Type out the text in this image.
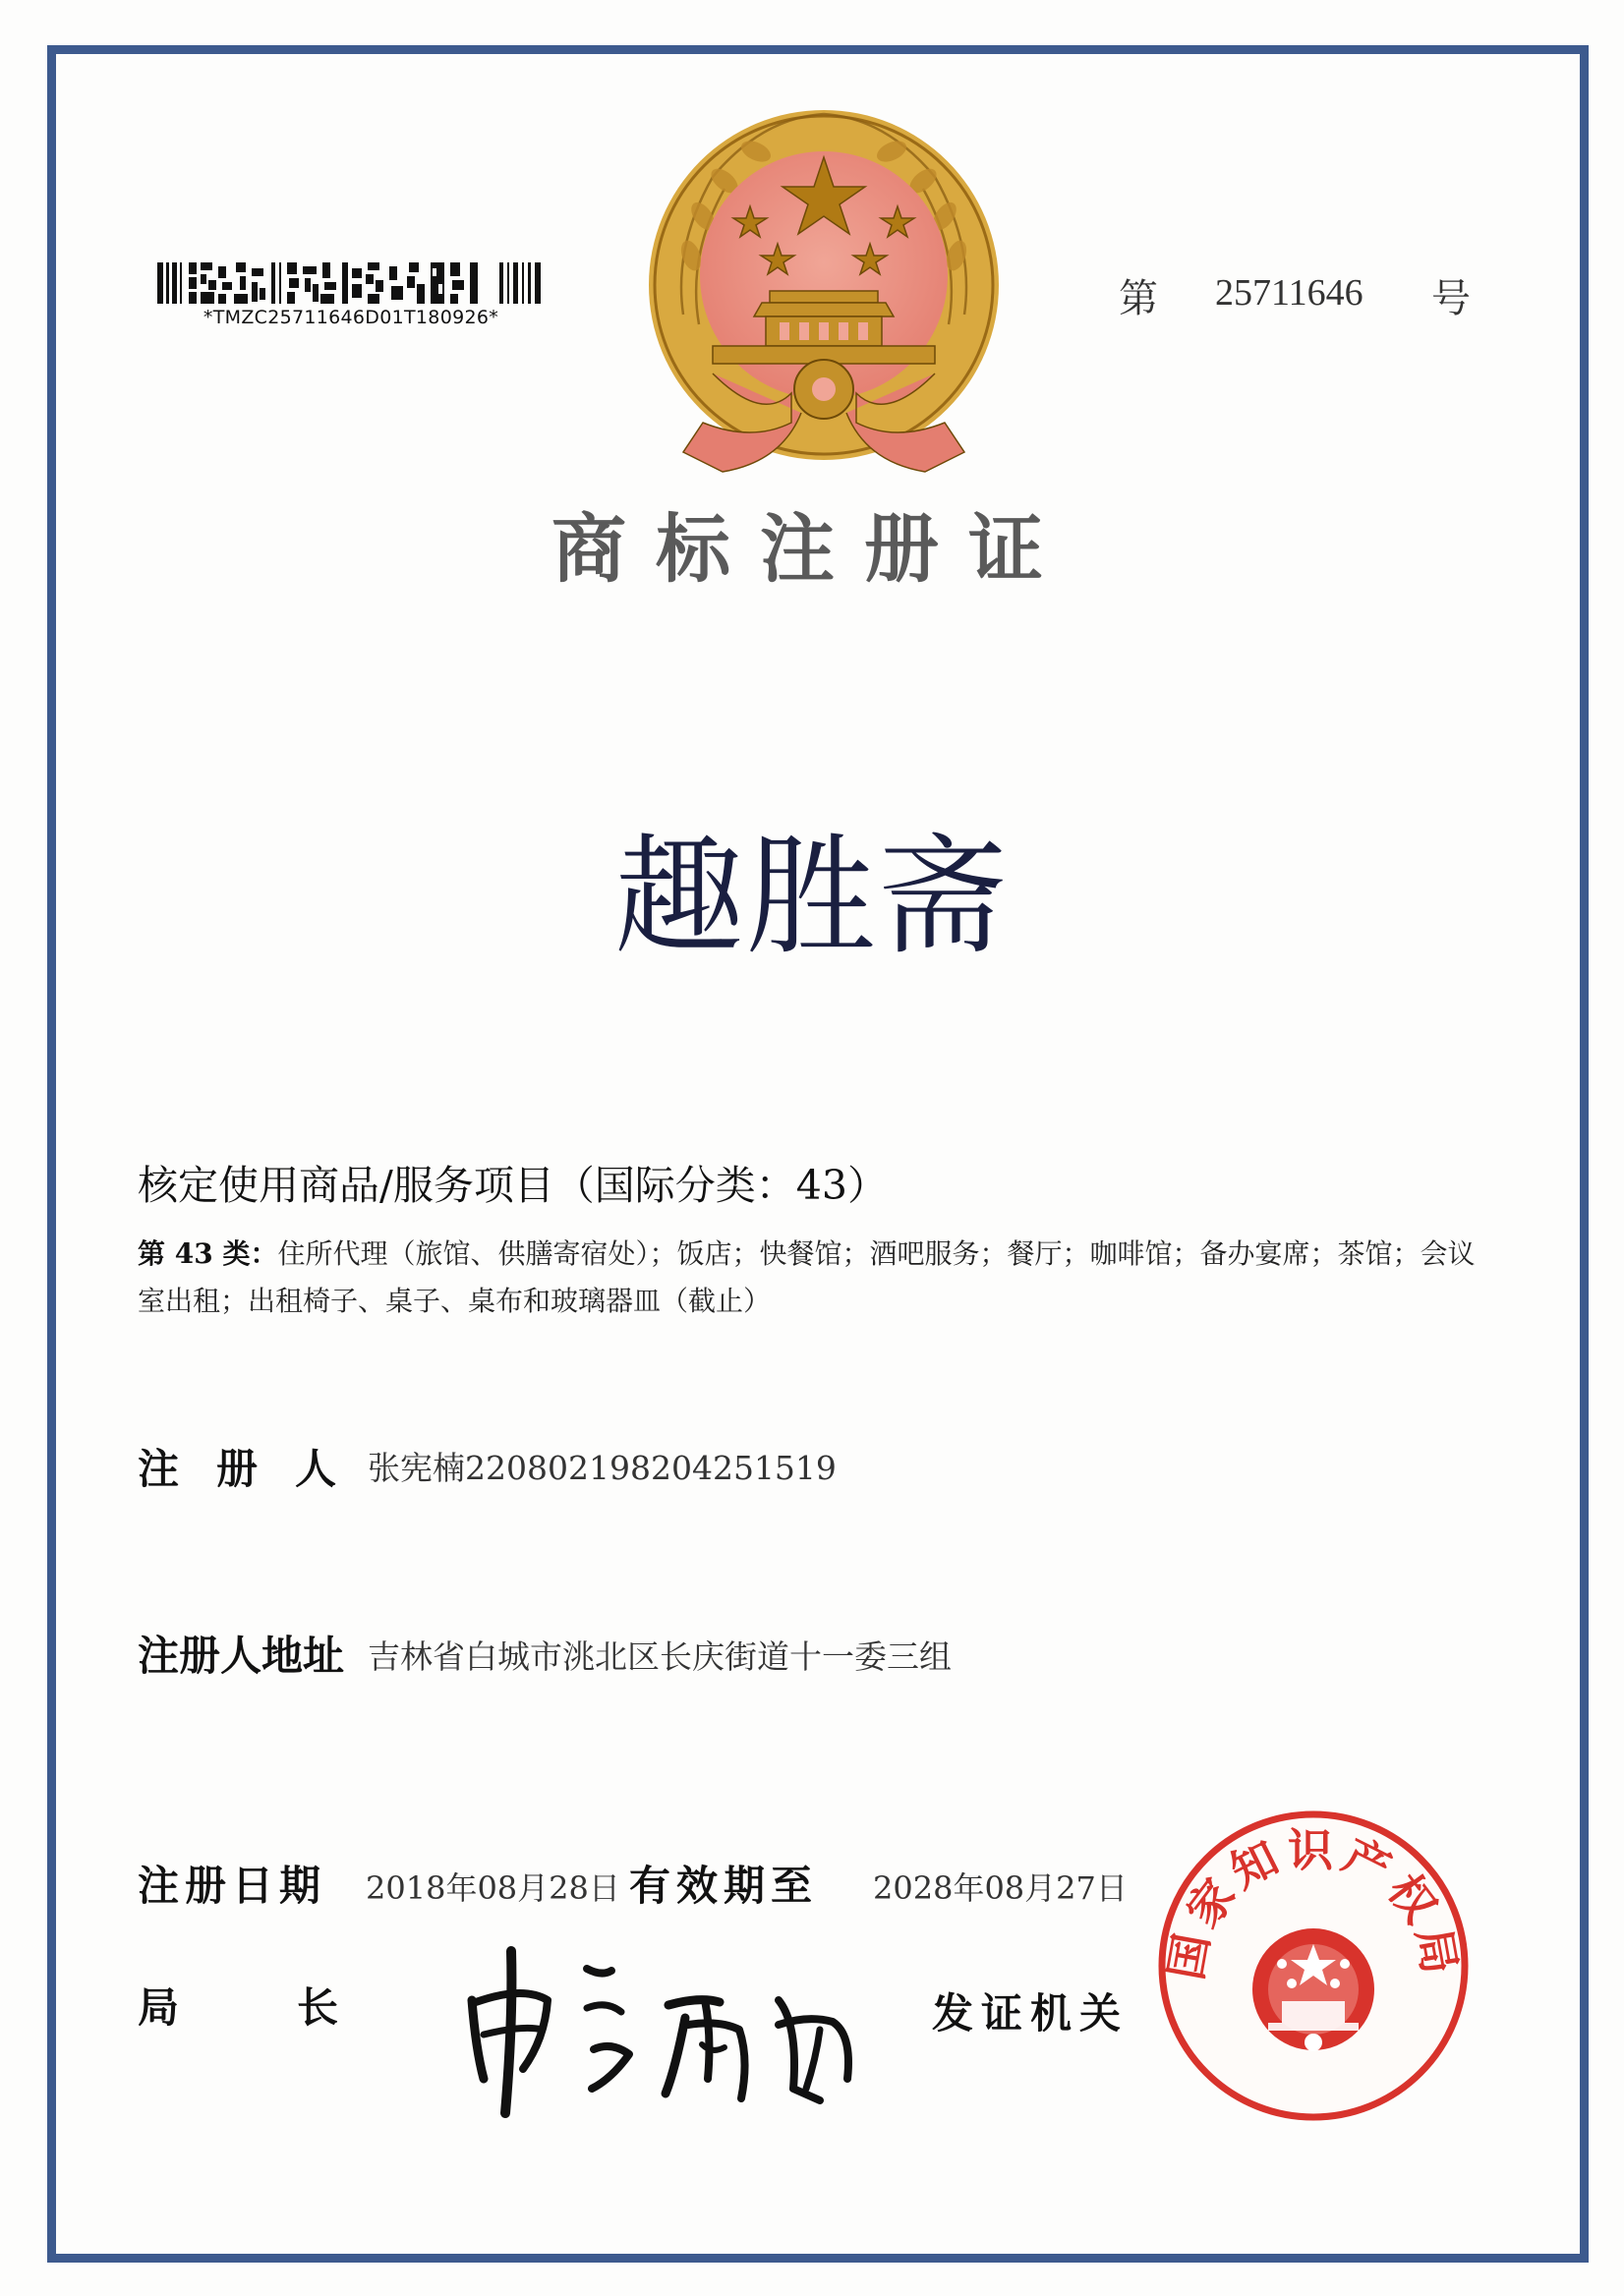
*TMZC25711646D01T180926*	第 25711646 号
商标注册证
趣胜斋
核定使用商品/服务项目（国际分类：43）
第 43 类：住所代理（旅馆、供膳寄宿处）；饭店；快餐馆；酒吧服务；餐厅；咖啡馆；备办宴席；茶馆；会议室出租；出租椅子、桌子、桌布和玻璃器皿（截止）
注册人
张宪楠220802198204251519
注册人地址 吉林省白城市洮北区长庆街道十一委三组
注册日期 2018年08月28日 有效期至 2028年08月27日
局长	发证机关
国家知识产权局
